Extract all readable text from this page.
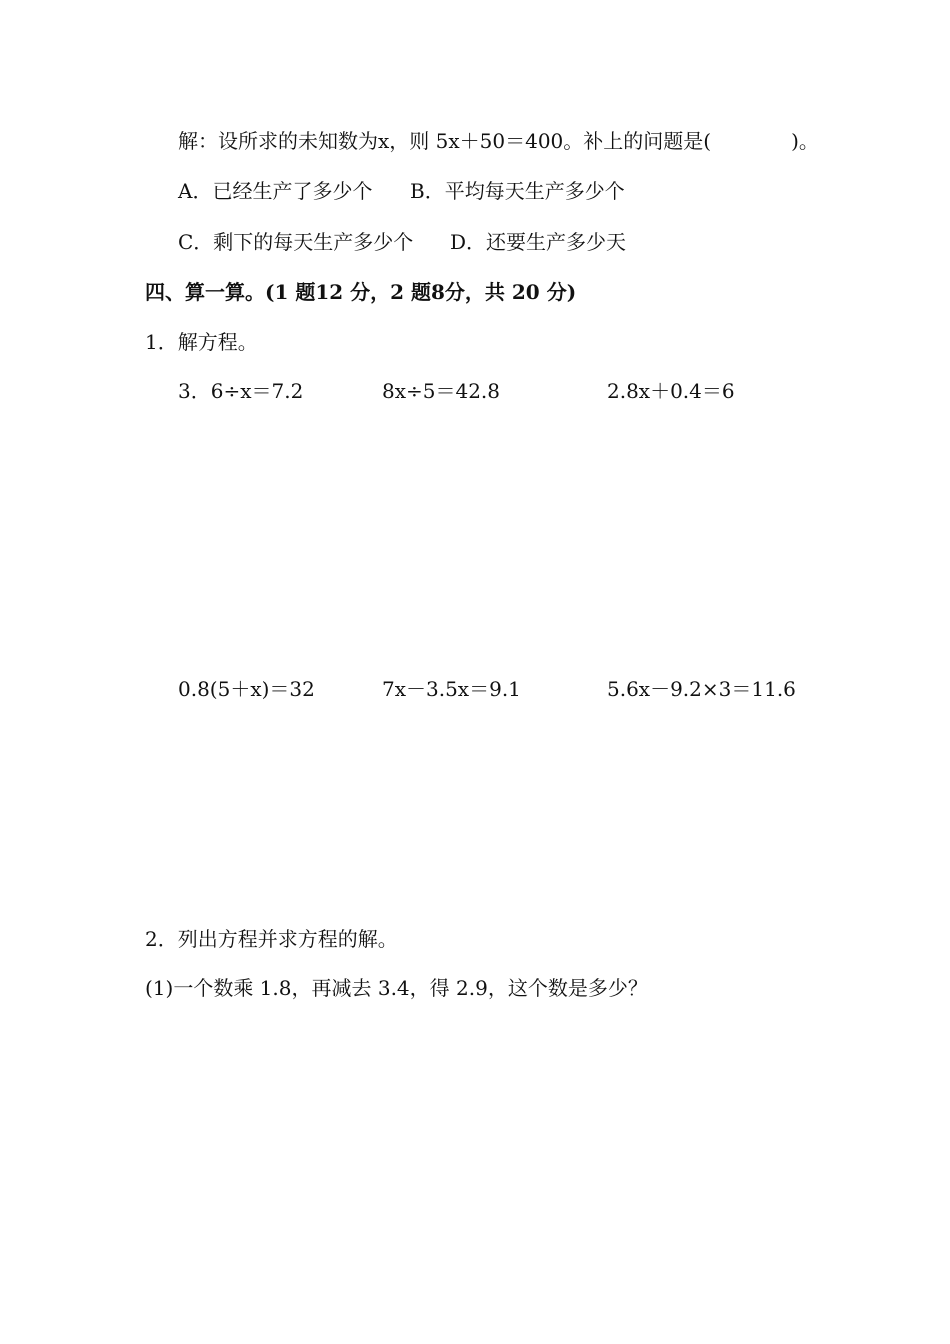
解：设所求的未知数为x，则 5x＋50＝400。补上的问题是(　　　　)。
A．已经生产了多少个 B．平均每天生产多少个
C．剩下的每天生产多少个 D．还要生产多少天
四、算一算。(1 题12 分，2 题8分，共 20 分)
1．解方程。
3．6÷x＝7.2	8x÷5＝42.8	2.8x＋0.4＝6
0.8(5＋x)＝32	7x－3.5x＝9.1	5.6x－9.2×3＝11.6
2．列出方程并求方程的解。
(1)一个数乘 1.8，再减去 3.4，得 2.9，这个数是多少？
